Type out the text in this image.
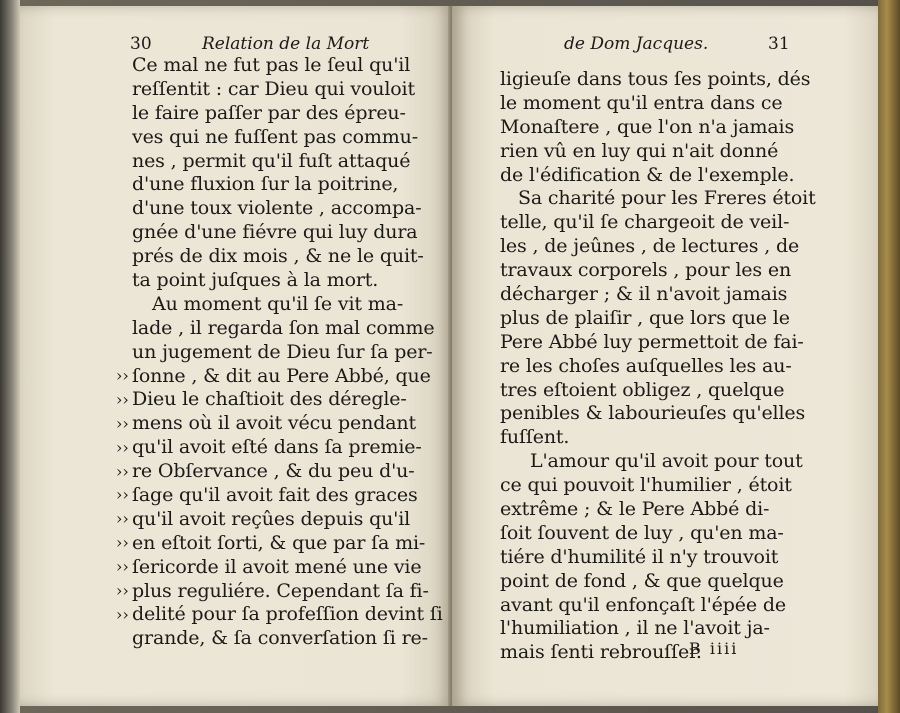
30	Relation de la Mort
››
››
››
››
››
››
››
››
››
››
››
Ce mal ne fut pas le ſeul qu'il
reſſentit : car Dieu qui vouloit
le faire paſſer par des épreu-
ves qui ne fuſſent pas commu-
nes , permit qu'il fuſt attaqué
d'une fluxion ſur la poitrine,
d'une toux violente , accompa-
gnée d'une fiévre qui luy dura
prés de dix mois , & ne le quit-
ta point juſques à la mort.
Au moment qu'il ſe vit ma-
lade , il regarda ſon mal comme
un jugement de Dieu ſur ſa per-
ſonne , & dit au Pere Abbé, que
Dieu le chaſtioit des déregle-
mens où il avoit vécu pendant
qu'il avoit eſté dans ſa premie-
re Obſervance , & du peu d'u-
ſage qu'il avoit fait des graces
qu'il avoit reçûes depuis qu'il
en eſtoit ſorti, & que par ſa mi-
ſericorde il avoit mené une vie
plus reguliére. Cependant ſa fi-
delité pour ſa profeſſion devint ſi
grande, & ſa converſation ſi re-
de Dom Jacques.	31
ligieuſe dans tous ſes points, dés
le moment qu'il entra dans ce
Monaſtere , que l'on n'a jamais
rien vû en luy qui n'ait donné
de l'édification & de l'exemple.
Sa charité pour les Freres étoit
telle, qu'il ſe chargeoit de veil-
les , de jeûnes , de lectures , de
travaux corporels , pour les en
décharger ; & il n'avoit jamais
plus de plaiſir , que lors que le
Pere Abbé luy permettoit de fai-
re les choſes auſquelles les au-
tres eſtoient obligez , quelque
penibles & labourieuſes qu'elles
fuſſent.
L'amour qu'il avoit pour tout
ce qui pouvoit l'humilier , étoit
extrême ; & le Pere Abbé di-
ſoit ſouvent de luy , qu'en ma-
tiére d'humilité il n'y trouvoit
point de fond , & que quelque
avant qu'il enfonçaſt l'épée de
l'humiliation , il ne l'avoit ja-
mais ſenti rebrouſſer.
B iiii
